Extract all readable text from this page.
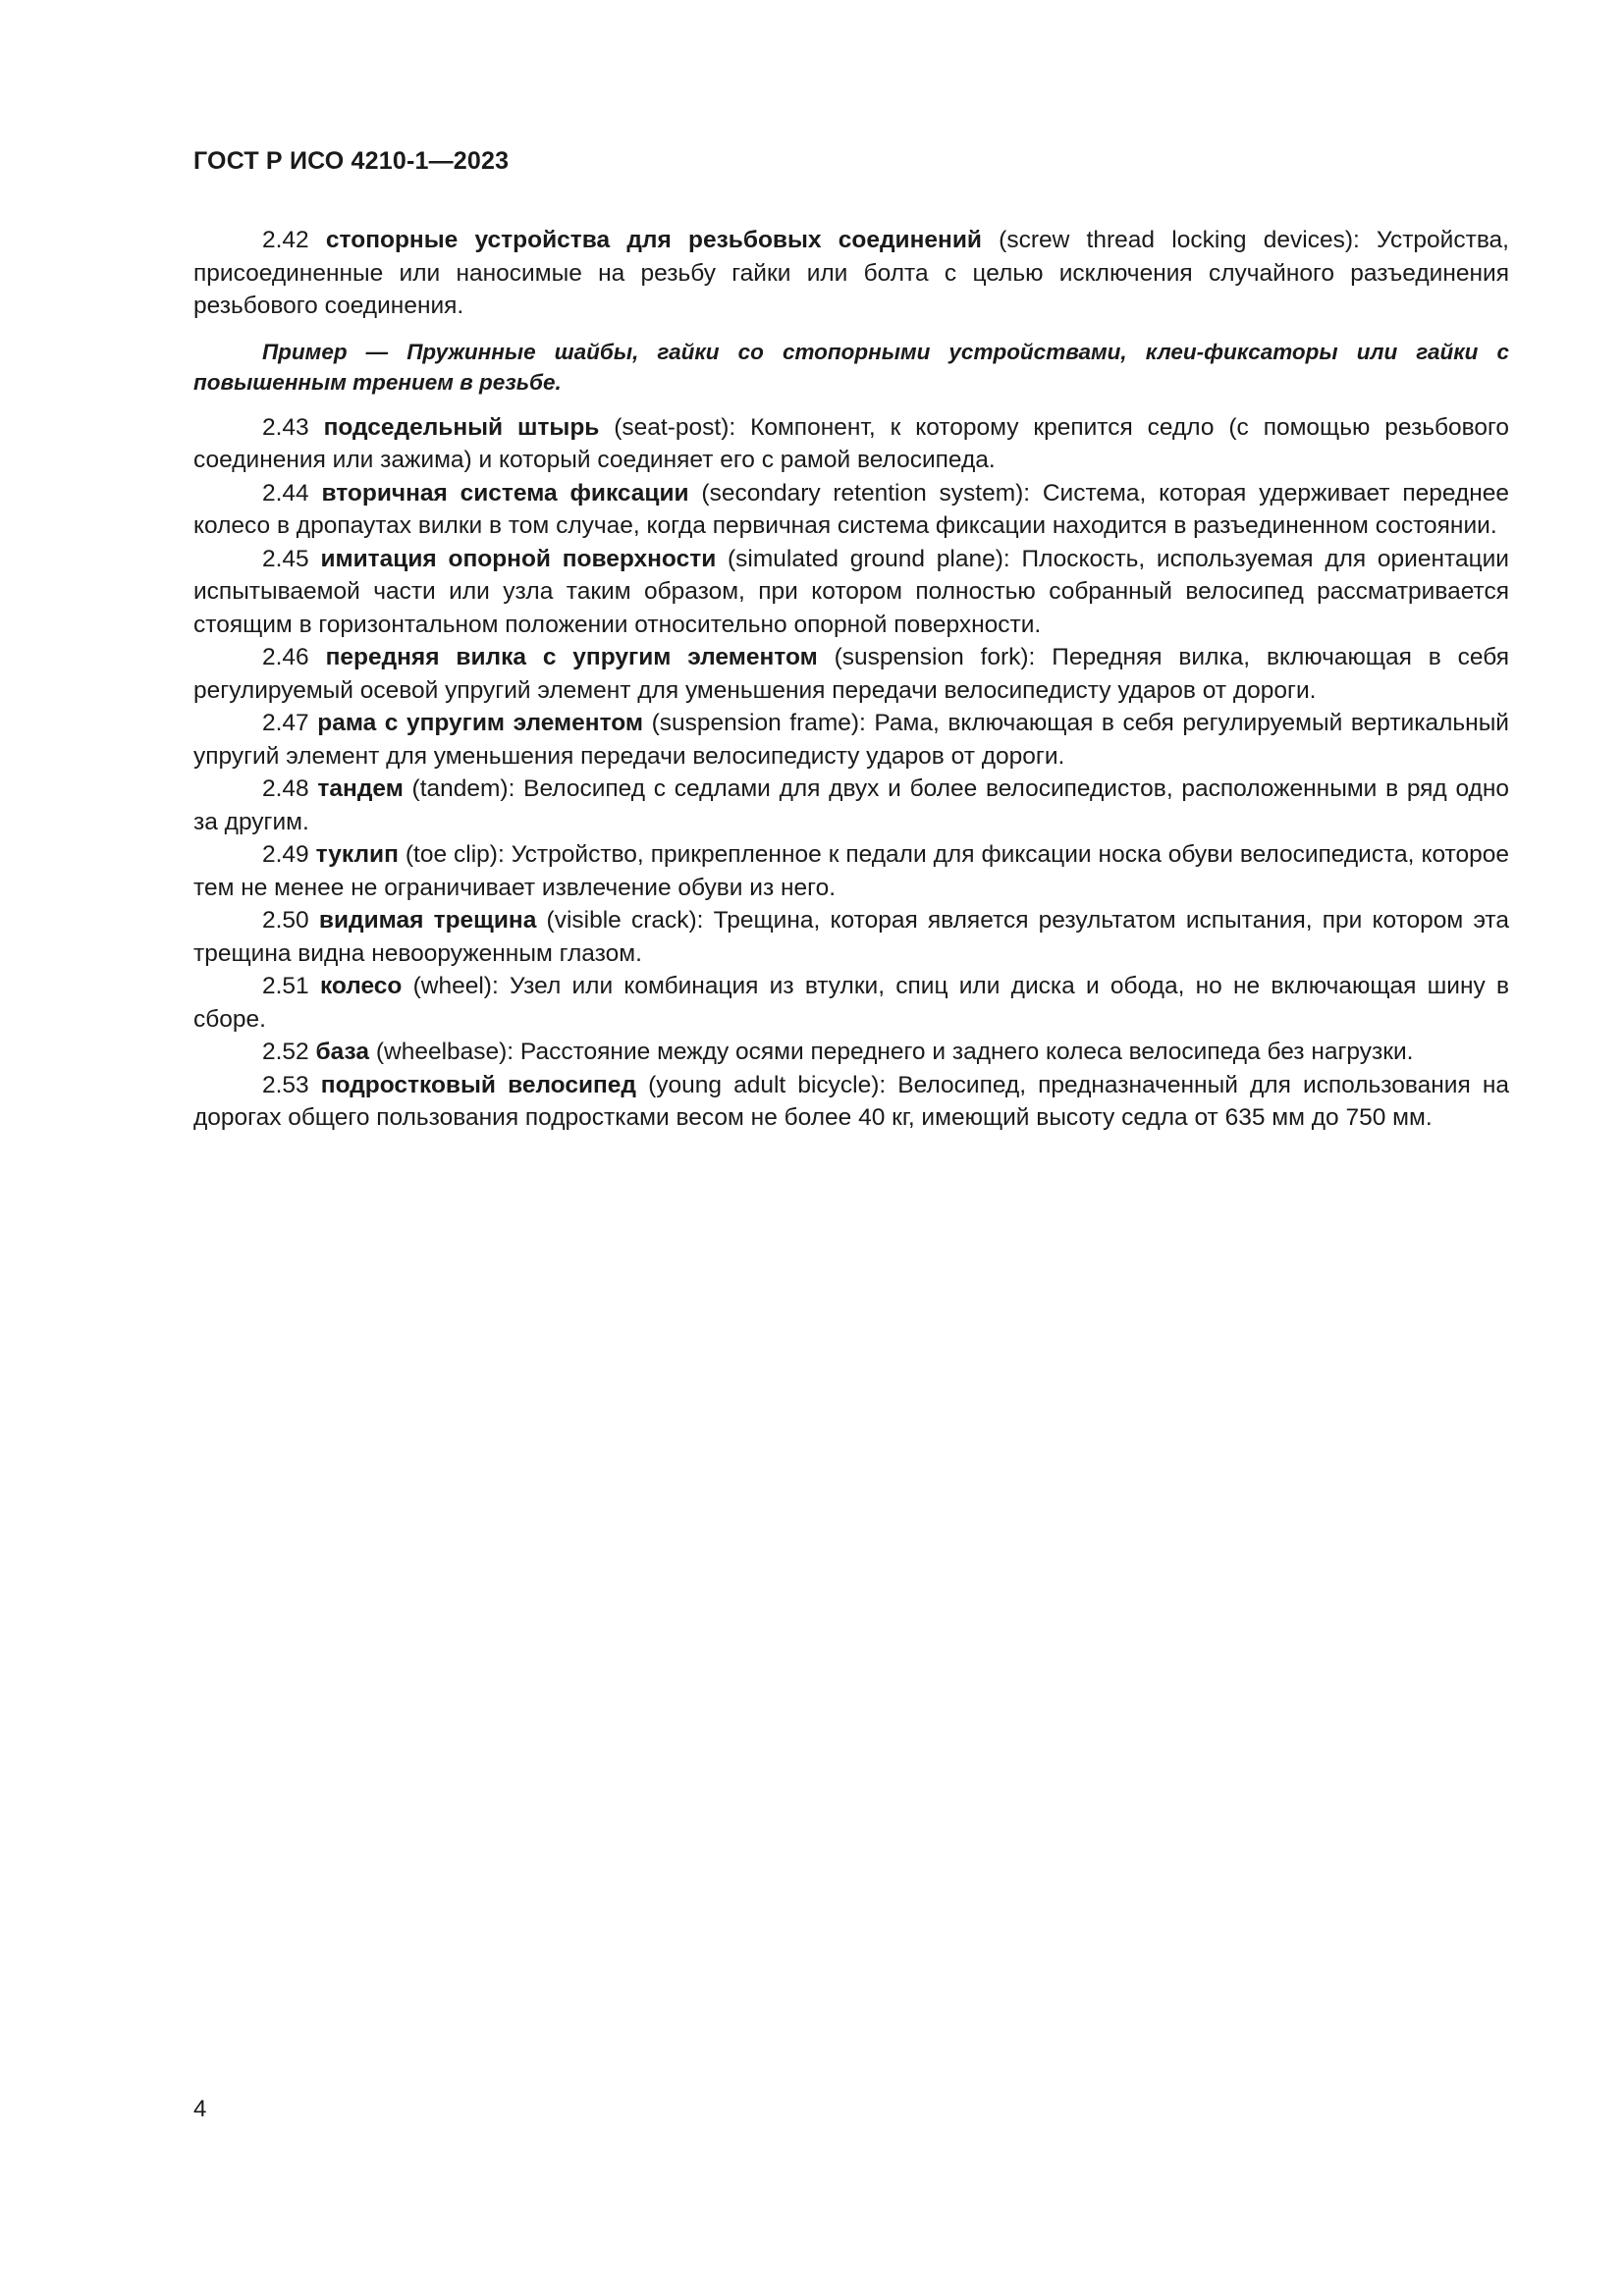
ГОСТ Р ИСО 4210-1—2023

2.42 стопорные устройства для резьбовых соединений (screw thread locking devices): Устройства, присоединенные или наносимые на резьбу гайки или болта с целью исключения случайного разъединения резьбового соединения.

Пример — Пружинные шайбы, гайки со стопорными устройствами, клеи-фиксаторы или гайки с повышенным трением в резьбе.

2.43 подседельный штырь (seat-post): Компонент, к которому крепится седло (с помощью резьбового соединения или зажима) и который соединяет его с рамой велосипеда.

2.44 вторичная система фиксации (secondary retention system): Система, которая удерживает переднее колесо в дропаутах вилки в том случае, когда первичная система фиксации находится в разъединенном состоянии.

2.45 имитация опорной поверхности (simulated ground plane): Плоскость, используемая для ориентации испытываемой части или узла таким образом, при котором полностью собранный велосипед рассматривается стоящим в горизонтальном положении относительно опорной поверхности.

2.46 передняя вилка с упругим элементом (suspension fork): Передняя вилка, включающая в себя регулируемый осевой упругий элемент для уменьшения передачи велосипедисту ударов от дороги.

2.47 рама с упругим элементом (suspension frame): Рама, включающая в себя регулируемый вертикальный упругий элемент для уменьшения передачи велосипедисту ударов от дороги.

2.48 тандем (tandem): Велосипед с седлами для двух и более велосипедистов, расположенными в ряд одно за другим.

2.49 туклип (toe clip): Устройство, прикрепленное к педали для фиксации носка обуви велосипедиста, которое тем не менее не ограничивает извлечение обуви из него.

2.50 видимая трещина (visible crack): Трещина, которая является результатом испытания, при котором эта трещина видна невооруженным глазом.

2.51 колесо (wheel): Узел или комбинация из втулки, спиц или диска и обода, но не включающая шину в сборе.

2.52 база (wheelbase): Расстояние между осями переднего и заднего колеса велосипеда без нагрузки.

2.53 подростковый велосипед (young adult bicycle): Велосипед, предназначенный для использования на дорогах общего пользования подростками весом не более 40 кг, имеющий высоту седла от 635 мм до 750 мм.

4
